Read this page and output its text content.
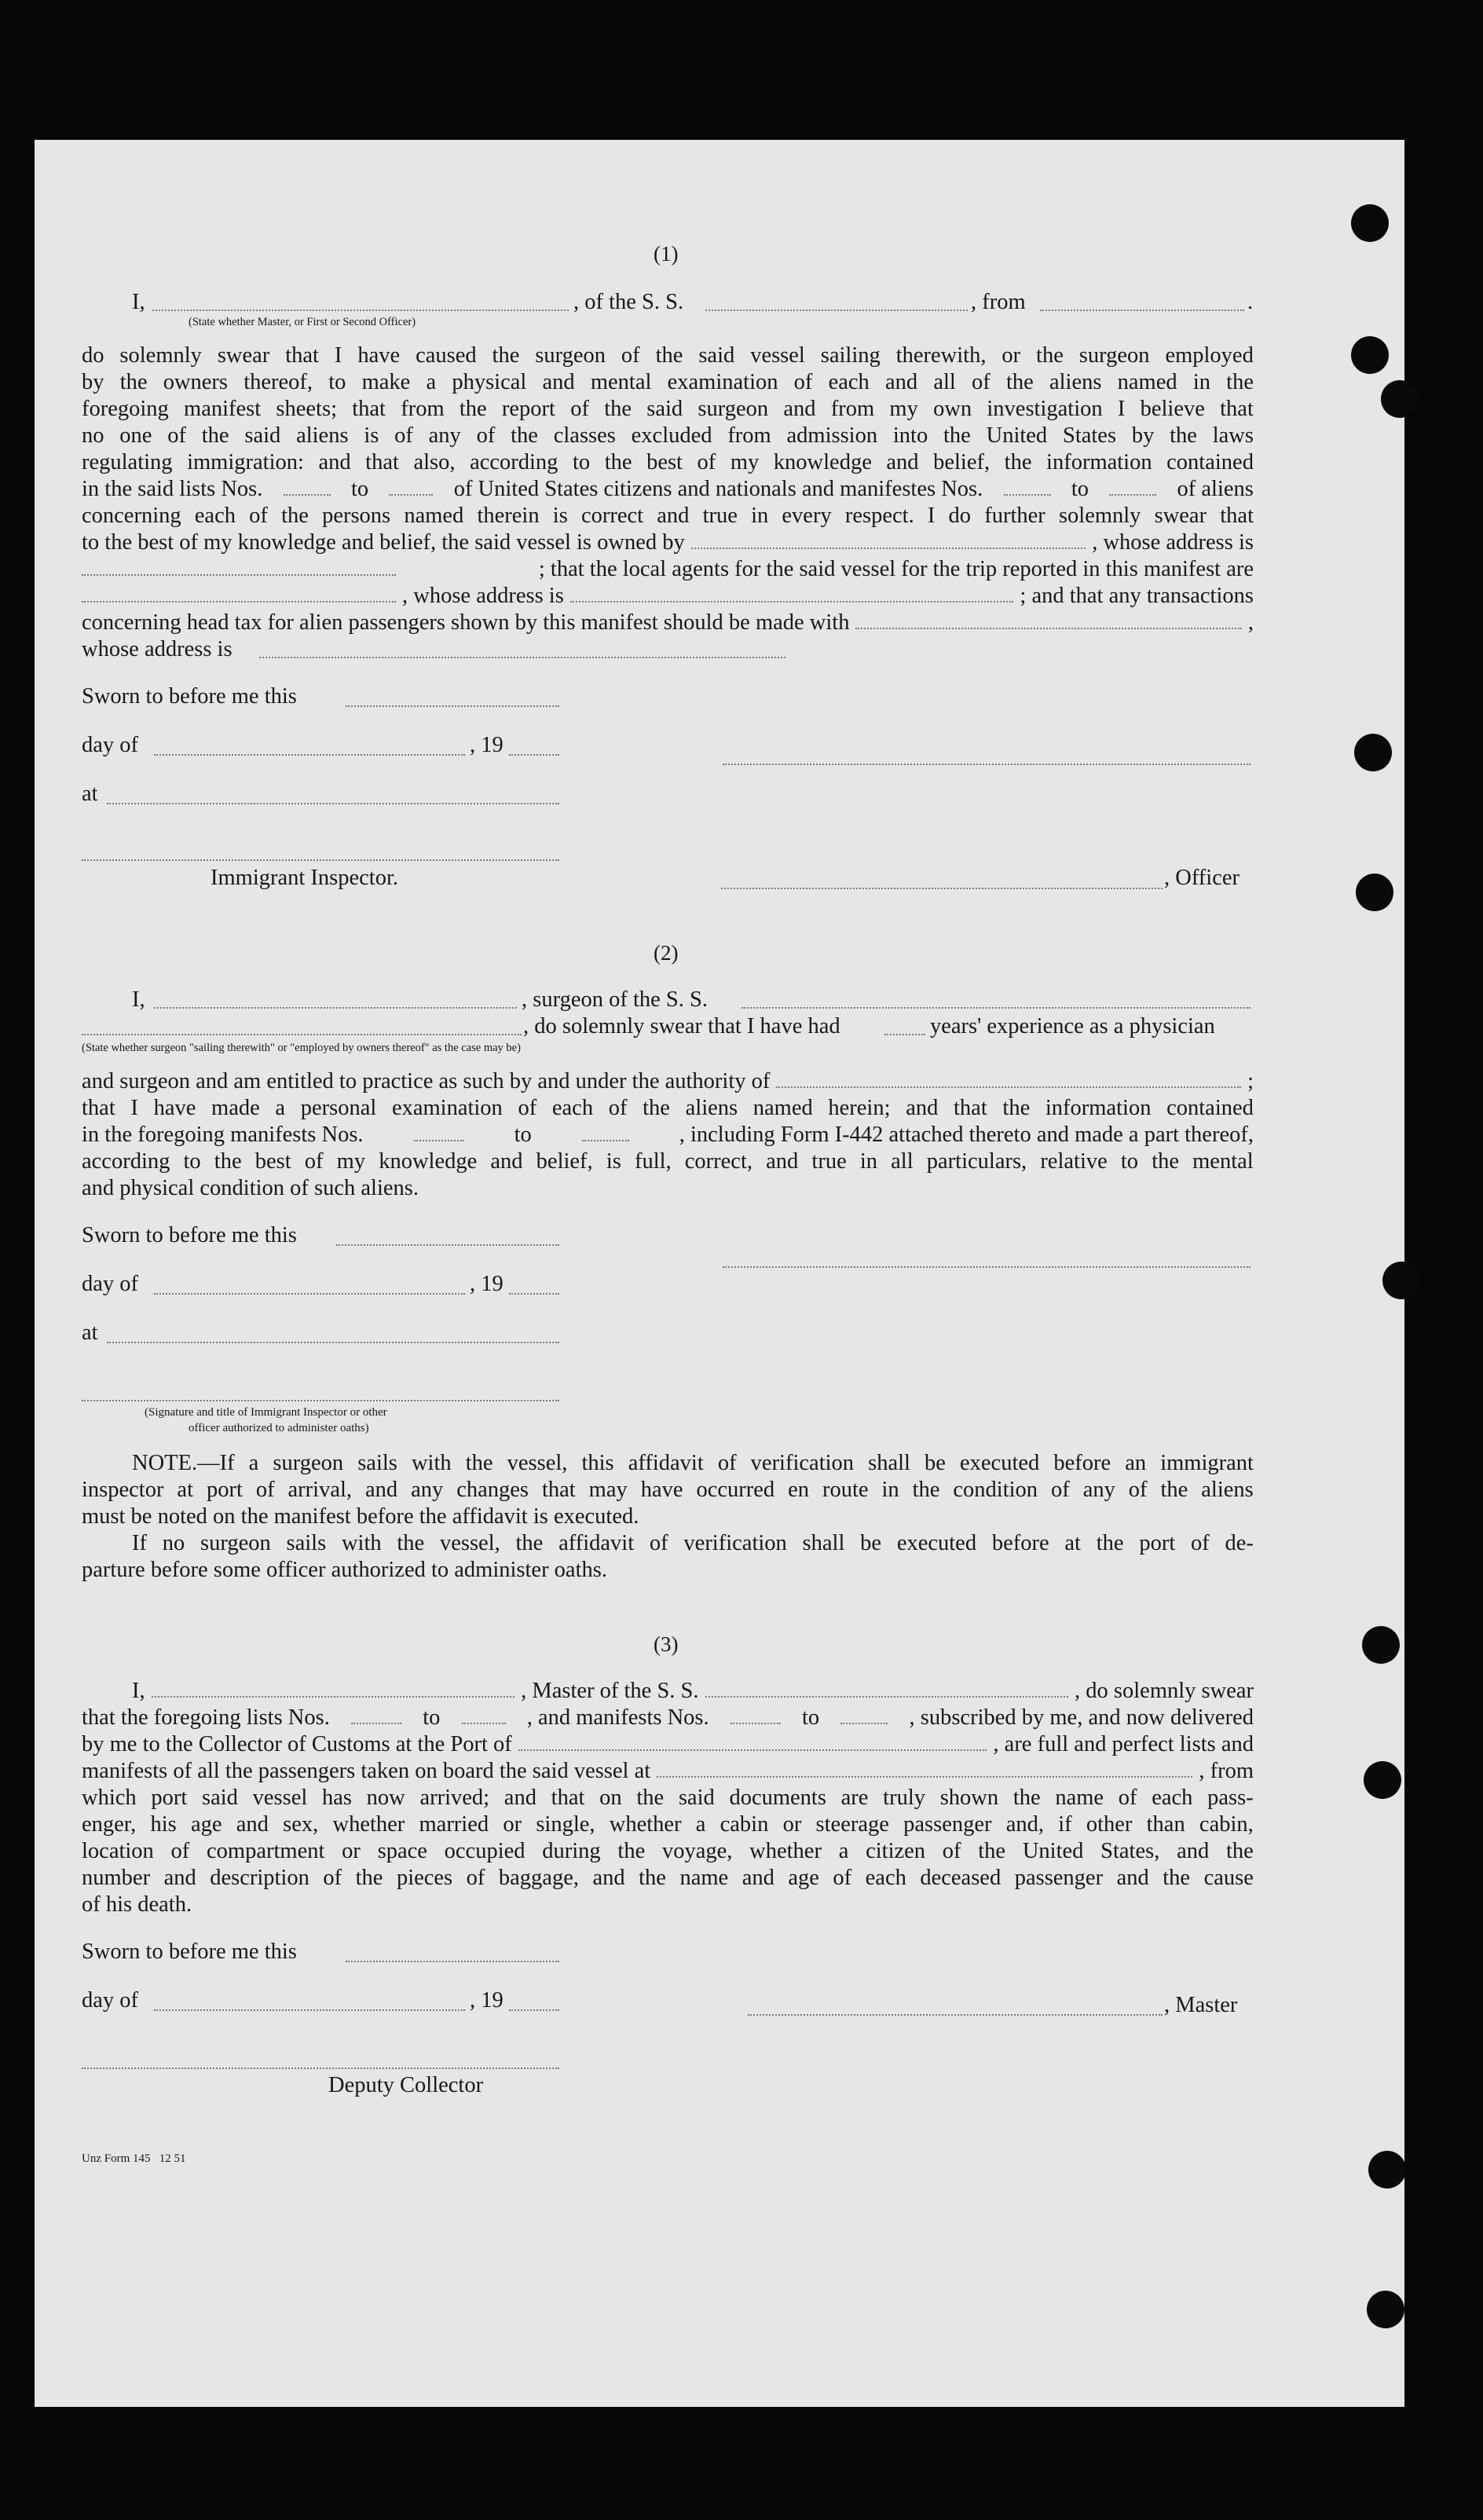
(1)
I,	, of the S. S.	, from	.
(State whether Master, or First or Second Officer)
do solemnly swear that I have caused the surgeon of the said vessel sailing therewith, or the surgeon employed
by the owners thereof, to make a physical and mental examination of each and all of the aliens named in the
foregoing manifest sheets; that from the report of the said surgeon and from my own investigation I believe that
no one of the said aliens is of any of the classes excluded from admission into the United States by the laws
regulating immigration: and that also, according to the best of my knowledge and belief, the information contained
in the said lists Nos.	to	of United States citizens and nationals and manifestes Nos.	to	of aliens
concerning each of the persons named therein is correct and true in every respect. I do further solemnly swear that
to the best of my knowledge and belief, the said vessel is owned by	, whose address is
; that the local agents for the said vessel for the trip reported in this manifest are
, whose address is	; and that any transactions
concerning head tax for alien passengers shown by this manifest should be made with	,
whose address is
Sworn to before me this
day of	, 19
at
Immigrant Inspector.	, Officer
(2)
I,	, surgeon of the S. S.
, do solemnly swear that I have had	years' experience as a physician
(State whether surgeon "sailing therewith" or "employed by owners thereof" as the case may be)
and surgeon and am entitled to practice as such by and under the authority of	;
that I have made a personal examination of each of the aliens named herein; and that the information contained
in the foregoing manifests Nos.	to	, including Form I-442 attached thereto and made a part thereof,
according to the best of my knowledge and belief, is full, correct, and true in all particulars, relative to the mental
and physical condition of such aliens.
Sworn to before me this
day of	, 19
at
(Signature and title of Immigrant Inspector or other
officer authorized to administer oaths)
NOTE.—If a surgeon sails with the vessel, this affidavit of verification shall be executed before an immigrant
inspector at port of arrival, and any changes that may have occurred en route in the condition of any of the aliens
must be noted on the manifest before the affidavit is executed.
If no surgeon sails with the vessel, the affidavit of verification shall be executed before at the port of de-
parture before some officer authorized to administer oaths.
(3)
I,	, Master of the S. S.	, do solemnly swear
that the foregoing lists Nos.	to	, and manifests Nos.	to	, subscribed by me, and now delivered
by me to the Collector of Customs at the Port of	, are full and perfect lists and
manifests of all the passengers taken on board the said vessel at	, from
which port said vessel has now arrived; and that on the said documents are truly shown the name of each pass-
enger, his age and sex, whether married or single, whether a cabin or steerage passenger and, if other than cabin,
location of compartment or space occupied during the voyage, whether a citizen of the United States, and the
number and description of the pieces of baggage, and the name and age of each deceased passenger and the cause
of his death.
Sworn to before me this
day of	, 19	, Master
Deputy Collector
Unz Form 145   12 51
